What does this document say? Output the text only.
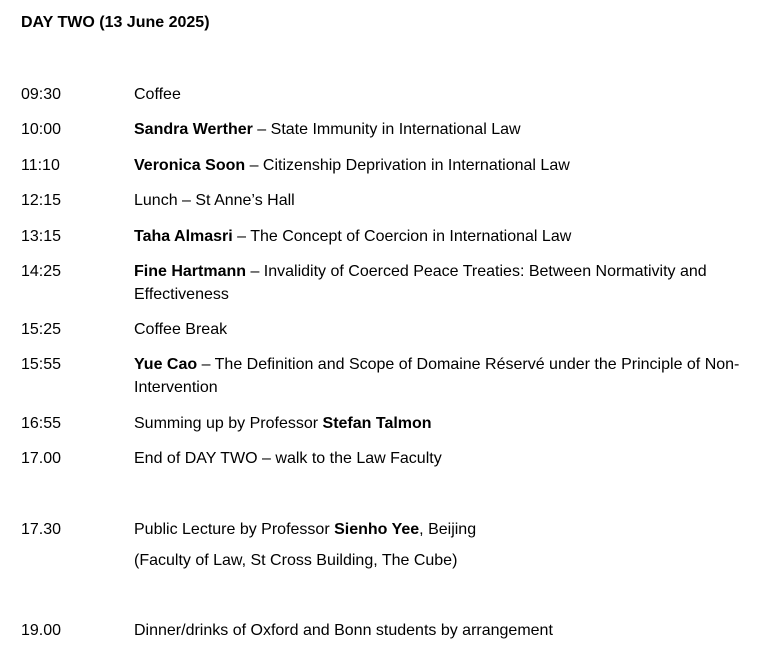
DAY TWO (13 June 2025)
09:30	Coffee
10:00	Sandra Werther – State Immunity in International Law
11:10	Veronica Soon – Citizenship Deprivation in International Law
12:15	Lunch – St Anne’s Hall
13:15	Taha Almasri – The Concept of Coercion in International Law
14:25	Fine Hartmann – Invalidity of Coerced Peace Treaties: Between Normativity and Effectiveness
15:25	Coffee Break
15:55	Yue Cao – The Definition and Scope of Domaine Réservé under the Principle of Non-Intervention
16:55	Summing up by Professor Stefan Talmon
17.00	End of DAY TWO – walk to the Law Faculty
17.30	Public Lecture by Professor Sienho Yee, Beijing
(Faculty of Law, St Cross Building, The Cube)
19.00	Dinner/drinks of Oxford and Bonn students by arrangement
